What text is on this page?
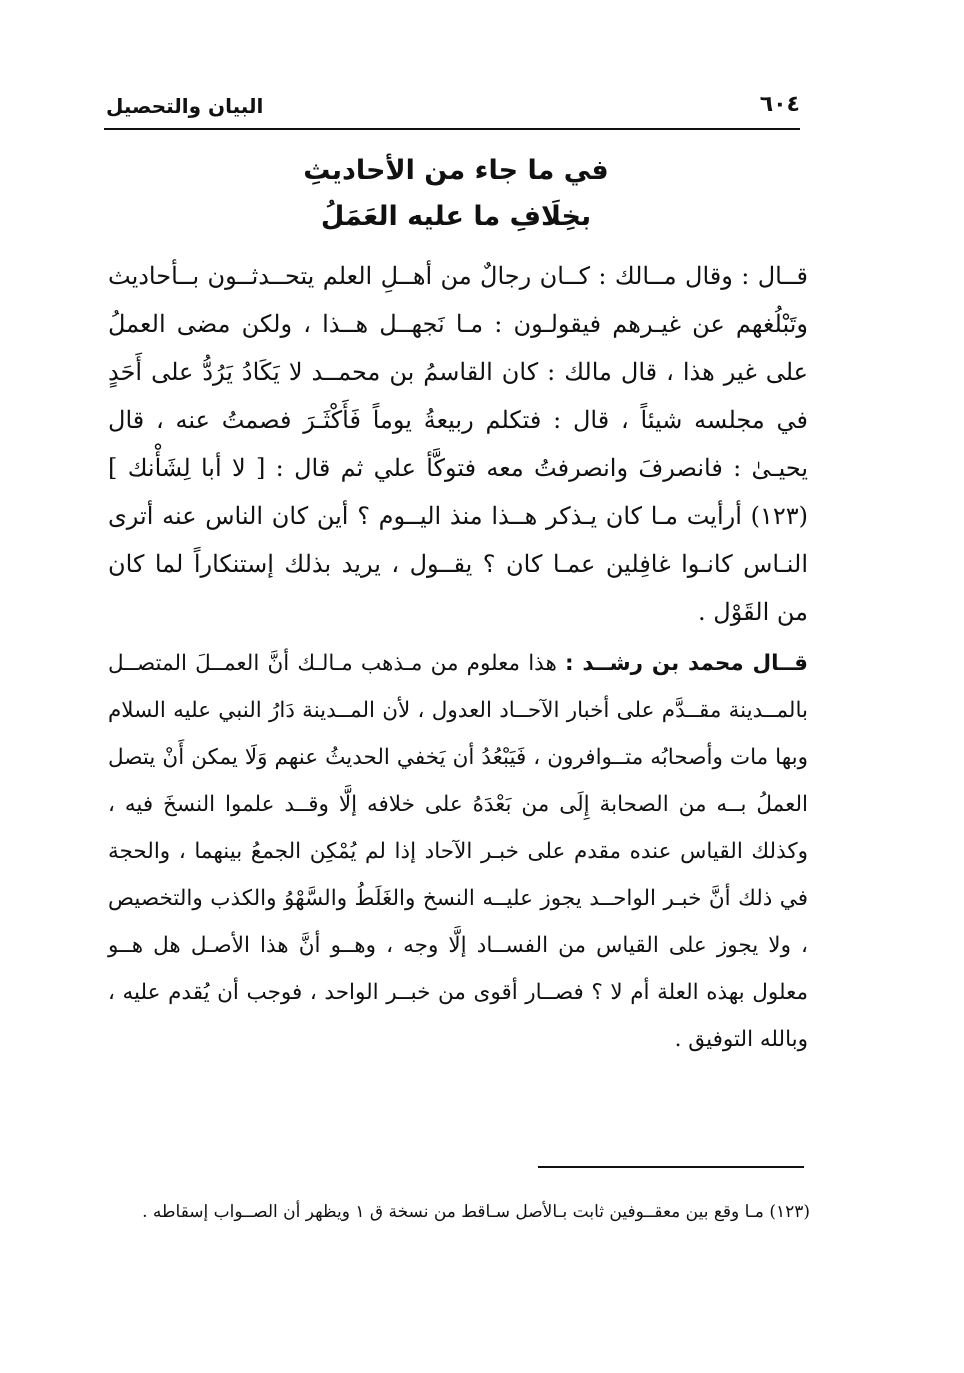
٦٠٤
البيان والتحصيل
في ما جاء من الأحاديثِ
بخِلَافِ ما عليه العَمَلُ

قــال : وقال مــالك : كــان رجالٌ من أهــلِ العلم يتحــدثــون بــأحاديث وتَبْلُغهم عن غيـرهم فيقولـون : مـا نَجهــل هــذا ، ولكن مضى العملُ على غير هذا ، قال مالك : كان القاسمُ بن محمــد لا يَكَادُ يَرُدُّ على أَحَدٍ في مجلسه شيئاً ، قال : فتكلم ربيعةُ يوماً فَأَكْثَـرَ فصمتُ عنه ، قال يحيـىٰ : فانصرفَ وانصرفتُ معه فتوكَّأ علي ثم قال : [ لا أبا لِشَأْنك ](١٢٣) أرأيت مـا كان يـذكر هــذا منذ اليــوم ؟ أين كان الناس عنه أترى النـاس كانـوا غافِلين عمـا كان ؟ يقــول ، يريد بذلك إستنكاراً لما كان من القَوْل .

قــال محمد بن رشــد : هذا معلوم من مـذهب مـالـك أنَّ العمــلَ المتصــل بالمــدينة مقــدَّم على أخبار الآحــاد العدول ، لأن المــدينة دَارُ النبي عليه السلام وبها مات وأصحابُه متــوافرون ، فَيَبْعُدُ أن يَخفي الحديثُ عنهم وَلَا يمكن أَنْ يتصل العملُ بــه من الصحابة إِلَى من بَعْدَهُ على خلافه إلَّا وقــد علموا النسخَ فيه ، وكذلك القياس عنده مقدم على خبـر الآحاد إذا لم يُمْكِن الجمعُ بينهما ، والحجة في ذلك أنَّ خبـر الواحــد يجوز عليــه النسخ والغَلَطُ والسَّهْوُ والكذب والتخصيص ، ولا يجوز على القياس من الفســاد إلَّا وجه ، وهــو أنَّ هذا الأصـل هل هــو معلول بهذه العلة أم لا ؟ فصــار أقوى من خبــر الواحد ، فوجب أن يُقدم عليه ، وبالله التوفيق .

(١٢٣) مـا وقع بين معقــوفين ثابت بـالأصل سـاقط من نسخة ق ١ ويظهر أن الصــواب إسقاطه .
